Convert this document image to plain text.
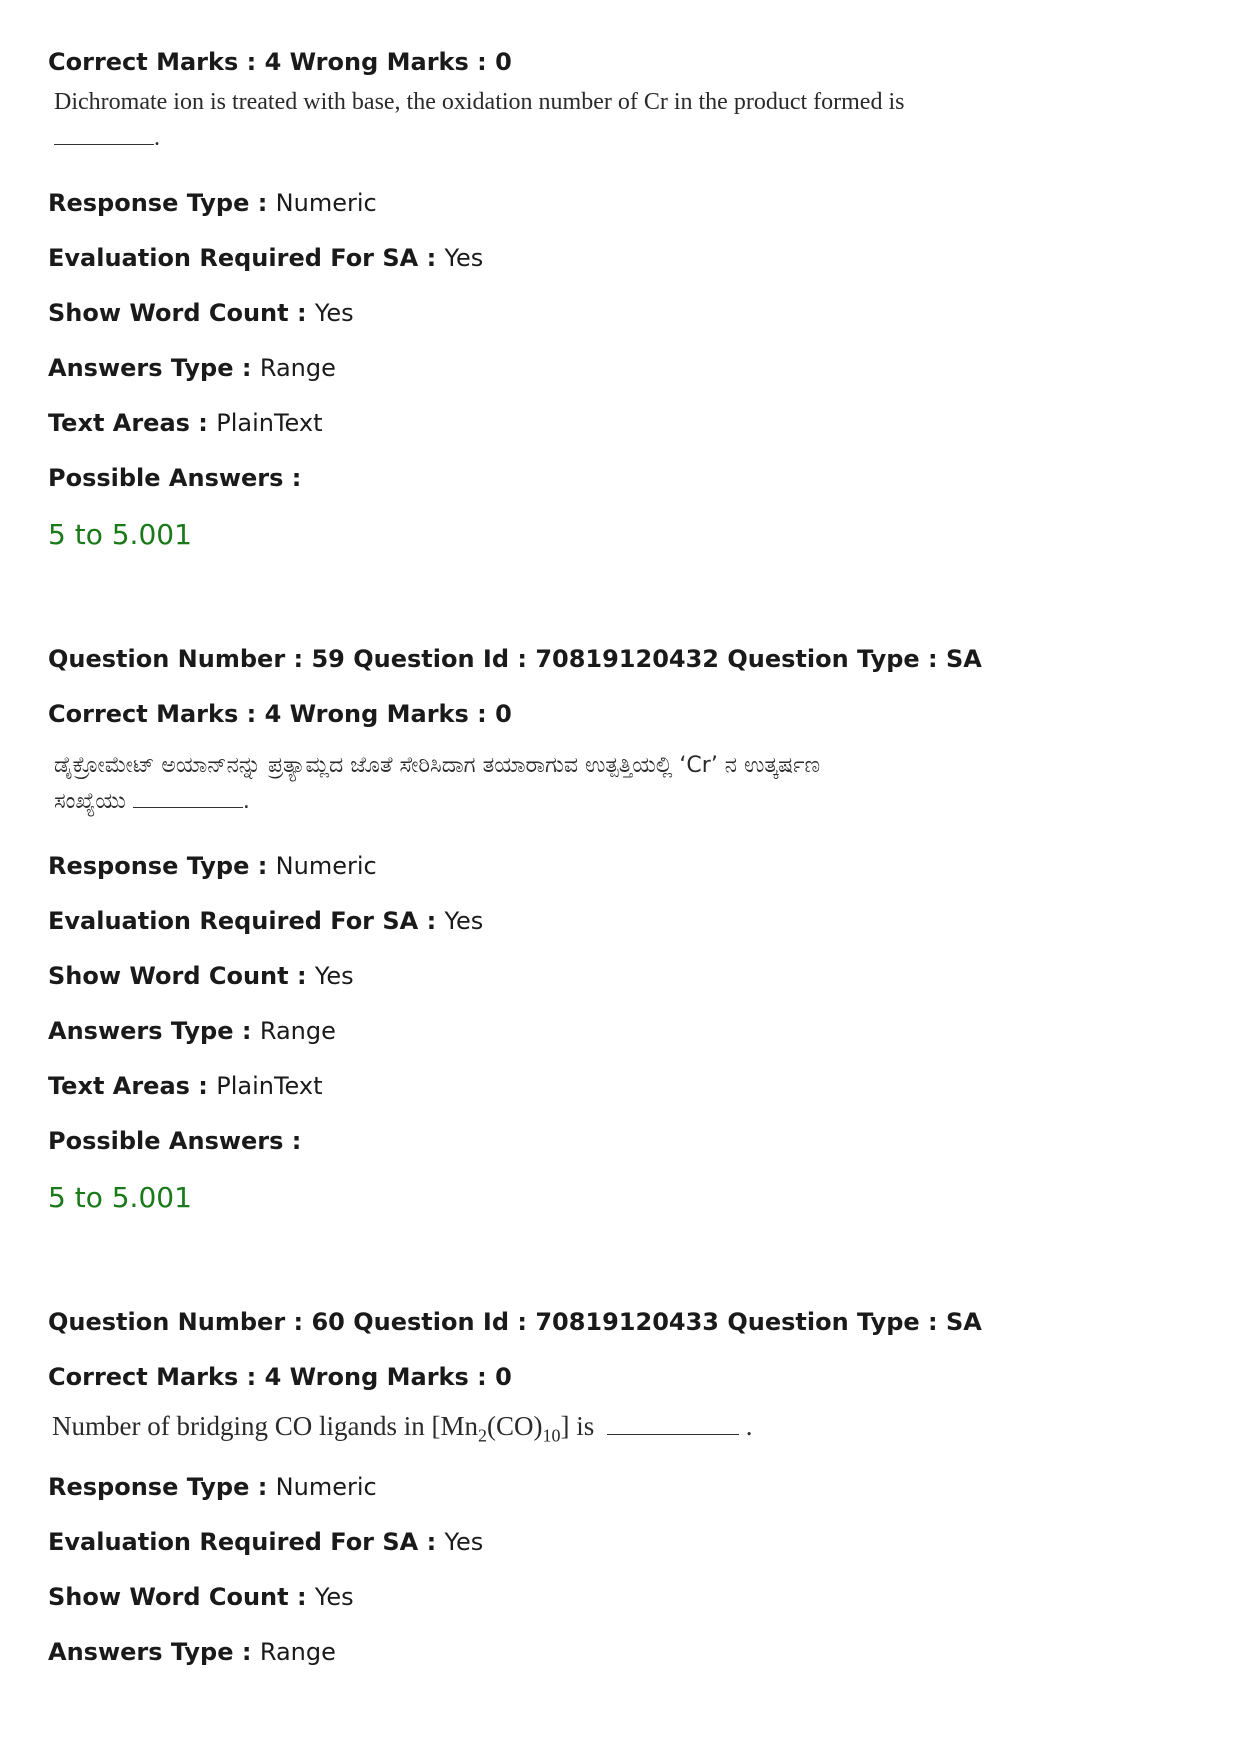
Correct Marks : 4 Wrong Marks : 0
Dichromate ion is treated with base, the oxidation number of Cr in the product formed is
.
Response Type : Numeric
Evaluation Required For SA : Yes
Show Word Count : Yes
Answers Type : Range
Text Areas : PlainText
Possible Answers :
5 to 5.001
Question Number : 59 Question Id : 70819120432 Question Type : SA
Correct Marks : 4 Wrong Marks : 0
ಡೈಕ್ರೋಮೇಟ್ ಅಯಾನ್‌ನನ್ನು ಪ್ರತ್ಯಾಮ್ಲದ ಜೊತೆ ಸೇರಿಸಿದಾಗ ತಯಾರಾಗುವ ಉತ್ಪತ್ತಿಯಲ್ಲಿ ‘Cr’ ನ ಉತ್ಕರ್ಷಣ
ಸಂಖ್ಯೆಯು	.
Response Type : Numeric
Evaluation Required For SA : Yes
Show Word Count : Yes
Answers Type : Range
Text Areas : PlainText
Possible Answers :
5 to 5.001
Question Number : 60 Question Id : 70819120433 Question Type : SA
Correct Marks : 4 Wrong Marks : 0
Number of bridging CO ligands in $[Mn_2(CO)_{10}]$ is	.
Response Type : Numeric
Evaluation Required For SA : Yes
Show Word Count : Yes
Answers Type : Range
